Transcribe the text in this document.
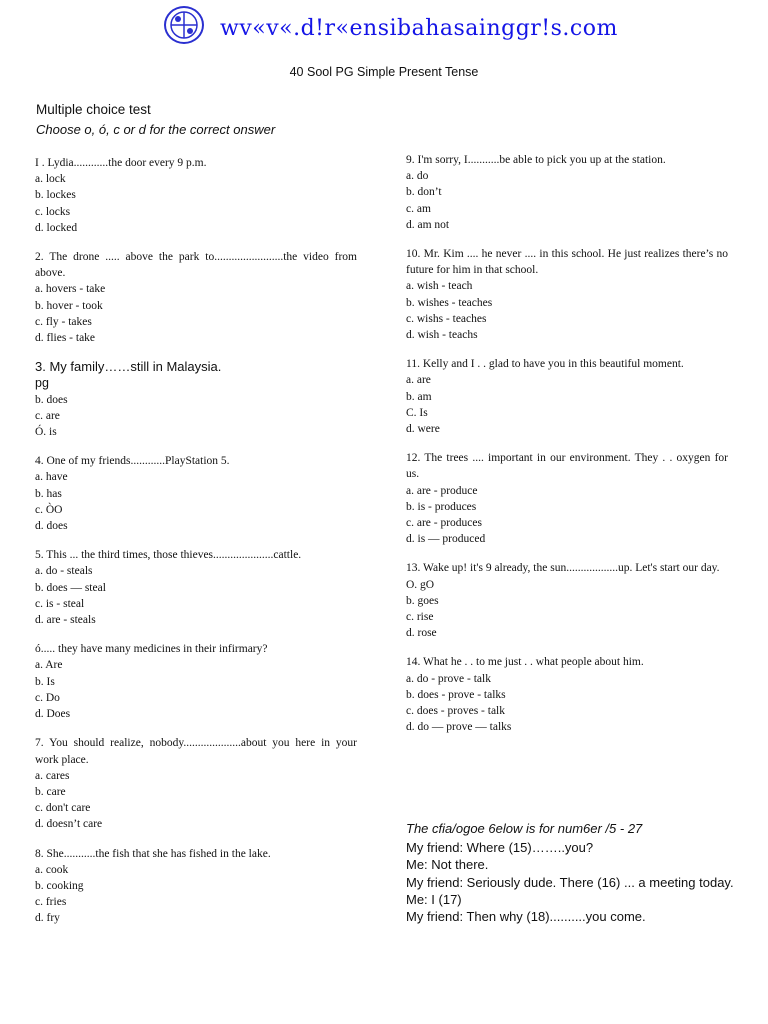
wv«v«.d!r«ensibahasainggr!s.com
40 Sool PG Simple Present Tense
Multiple choice test
Choose o, ó, c or d for the correct onswer
I . Lydia............the door every 9 p.m.
a. lock
b. lockes
c. locks
d. locked
2. The drone ..... above the park to........................the video from above.
a. hovers - take
b. hover - took
c. fly - takes
d. flies - take
3. My family……still in Malaysia.
pg
b. does
c. are
Ó. is
4. One of my friends............PlayStation 5.
a. have
b. has
c. ÒO
d. does
5. This ... the third times, those thieves.....................cattle.
a. do - steals
b. does — steal
c. is - steal
d. are - steals
ó..... they have many medicines in their infirmary?
a. Are
b. Is
c. Do
d. Does
7. You should realize, nobody....................about you here in your work place.
a. cares
b. care
c. don't care
d. doesn’t care
8. She...........the fish that she has fished in the lake.
a. cook
b. cooking
c. fries
d. fry
9. I'm sorry, I...........be able to pick you up at the station.
a. do
b. don’t
c. am
d. am not
10. Mr. Kim .... he never .... in this school. He just realizes there’s no future for him in that school.
a. wish - teach
b. wishes - teaches
c. wishs - teaches
d. wish - teachs
11. Kelly and I . . glad to have you in this beautiful moment.
a. are
b. am
C. Is
d. were
12. The trees .... important in our environment. They . . oxygen for us.
a. are - produce
b. is - produces
c. are - produces
d. is — produced
13. Wake up! it's 9 already, the sun..................up. Let's start our day.
O. gO
b. goes
c. rise
d. rose
14. What he . . to me just . . what people about him.
a. do - prove - talk
b. does - prove - talks
c. does - proves - talk
d. do — prove — talks
The cfia/ogoe 6elow is for num6er /5 - 27
My friend: Where (15)……..you?
Me: Not there.
My friend: Seriously dude. There (16) ... a meeting today.
Me: I (17)
My friend: Then why (18)..........you come.
